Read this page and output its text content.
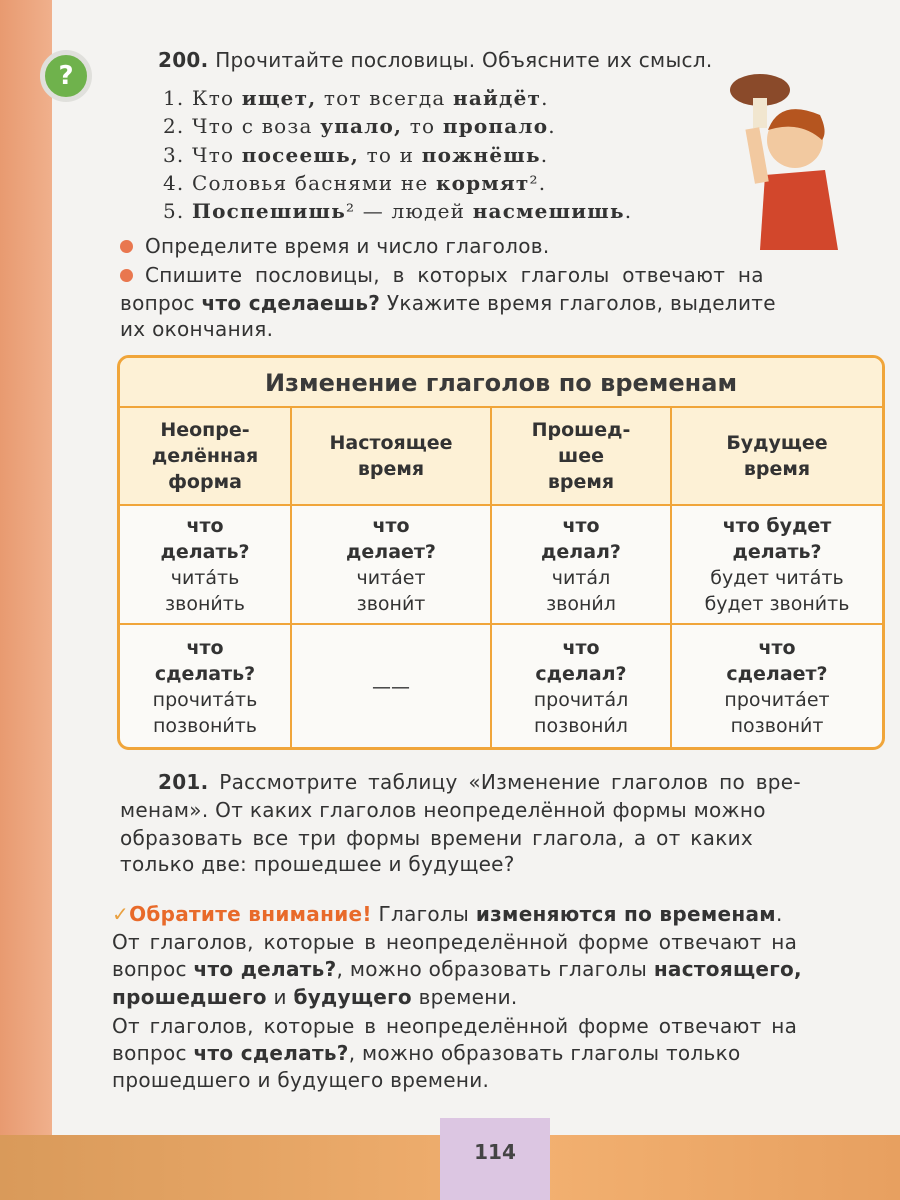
114
?
200. Прочитайте пословицы. Объясните их смысл.
1. Кто ищет, тот всегда найдёт.
2. Что с воза упало, то пропало.
3. Что посеешь, то и пожнёшь.
4. Соловья баснями не кормят².
5. Поспешишь² — людей насмешишь.
Определите время и число глаголов.
Спишите пословицы, в которых глаголы отвечают на
вопрос что сделаешь? Укажите время глаголов, выделите
их окончания.
Изменение глаголов по временам
Неопре-
делённая
форма
Настоящее
время
Прошед-
шее
время
Будущее
время
что
делать?
чита́ть
звони́ть
что
делает?
чита́ет
звони́т
что
делал?
чита́л
звони́л
что будет
делать?
будет чита́ть
будет звони́ть
что
сделать?
прочита́ть
позвони́ть
——
что
сделал?
прочита́л
позвони́л
что
сделает?
прочита́ет
позвони́т
201. Рассмотрите таблицу «Изменение глаголов по вре-
менам». От каких глаголов неопределённой формы можно
образовать все три формы времени глагола, а от каких
только две: прошедшее и будущее?
✓Обратите внимание! Глаголы изменяются по временам.
От глаголов, которые в неопределённой форме отвечают на
вопрос что делать?, можно образовать глаголы настоящего,
прошедшего и будущего времени.
От глаголов, которые в неопределённой форме отвечают на
вопрос что сделать?, можно образовать глаголы только
прошедшего и будущего времени.
